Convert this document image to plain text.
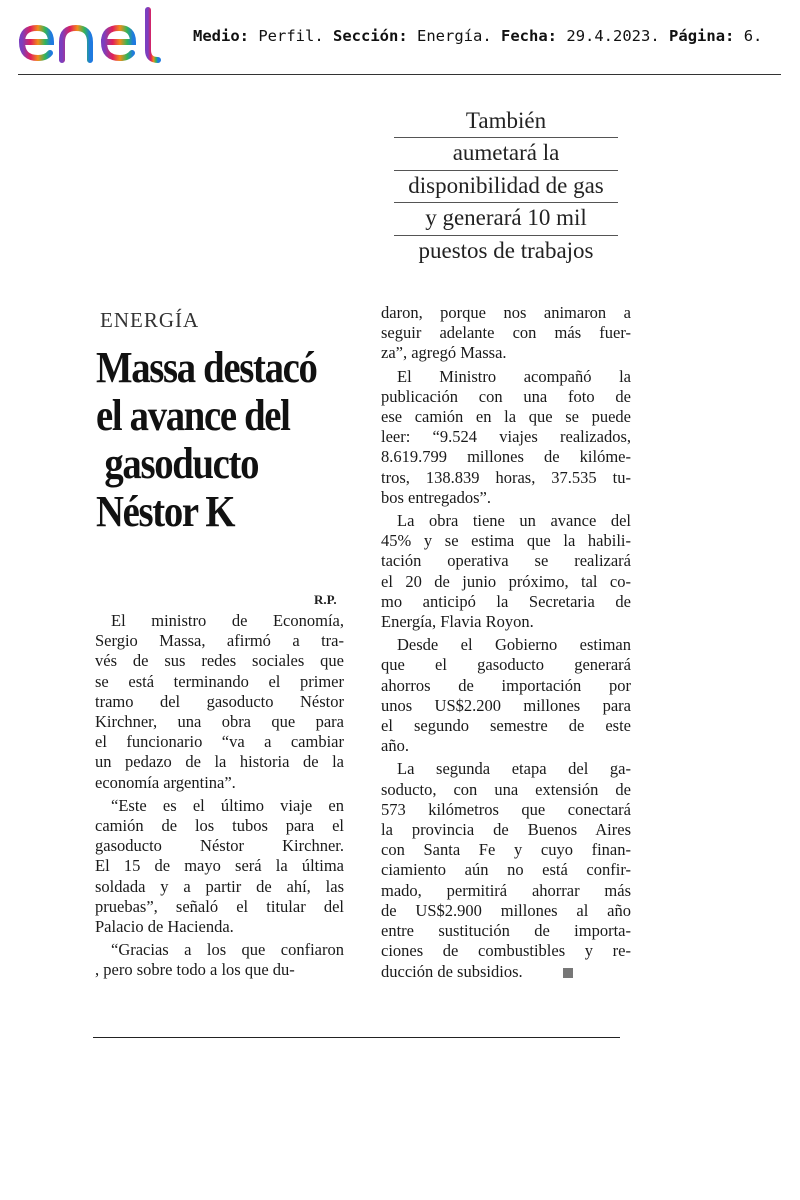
enel
Medio: Perfil. Sección: Energía. Fecha: 29.4.2023. Página: 6.
También
aumetará la
disponibilidad de gas
y generará 10 mil
puestos de trabajos
ENERGÍA
Massa destacó
el avance del
gasoducto
Néstor K
R.P.
El ministro de Economía,
Sergio Massa, afirmó a tra-
vés de sus redes sociales que
se está terminando el primer
tramo del gasoducto Néstor
Kirchner, una obra que para
el funcionario “va a cambiar
un pedazo de la historia de la
economía argentina”.
“Este es el último viaje en
camión de los tubos para el
gasoducto Néstor Kirchner.
El 15 de mayo será la última
soldada y a partir de ahí, las
pruebas”, señaló el titular del
Palacio de Hacienda.
“Gracias a los que confiaron
, pero sobre todo a los que du-
daron, porque nos animaron a
seguir adelante con más fuer-
za”, agregó Massa.
El Ministro acompañó la
publicación con una foto de
ese camión en la que se puede
leer: “9.524 viajes realizados,
8.619.799 millones de kilóme-
tros, 138.839 horas, 37.535 tu-
bos entregados”.
La obra tiene un avance del
45% y se estima que la habili-
tación operativa se realizará
el 20 de junio próximo, tal co-
mo anticipó la Secretaria de
Energía, Flavia Royon.
Desde el Gobierno estiman
que el gasoducto generará
ahorros de importación por
unos US$2.200 millones para
el segundo semestre de este
año.
La segunda etapa del ga-
soducto, con una extensión de
573 kilómetros que conectará
la provincia de Buenos Aires
con Santa Fe y cuyo finan-
ciamiento aún no está confir-
mado, permitirá ahorrar más
de US$2.900 millones al año
entre sustitución de importa-
ciones de combustibles y re-
ducción de subsidios.
